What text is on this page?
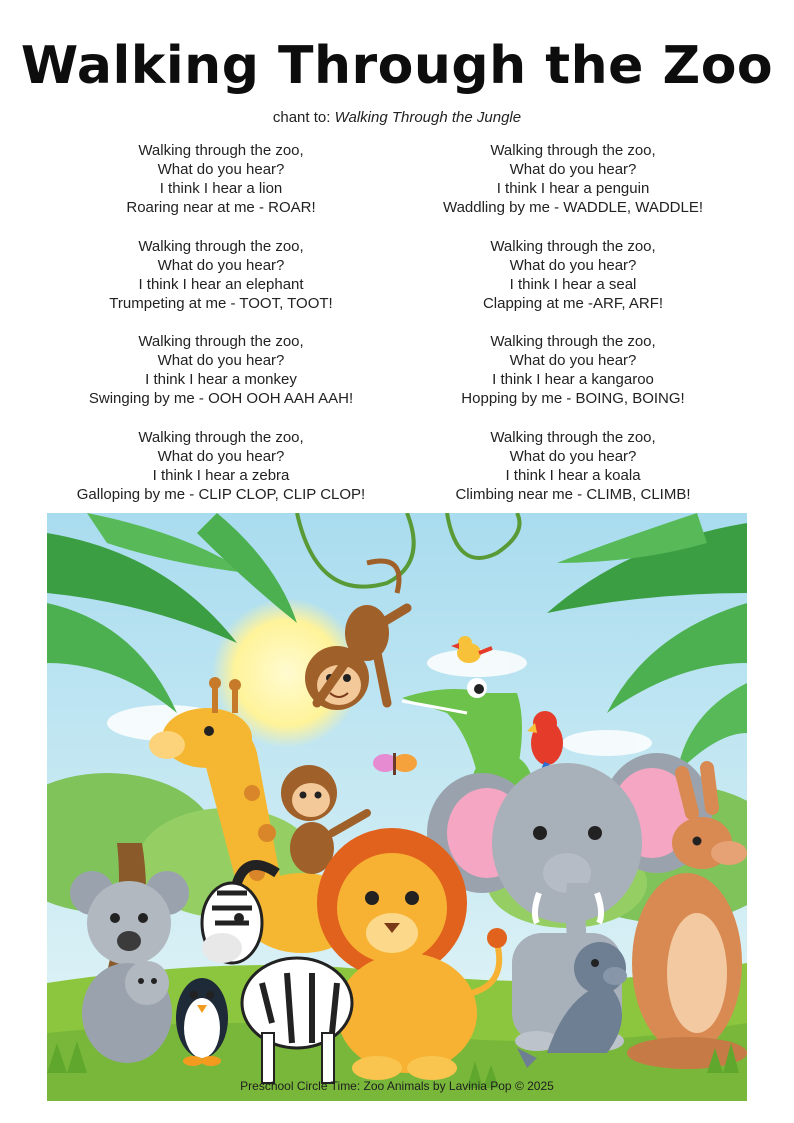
Walking Through the Zoo
chant to: Walking Through the Jungle
Walking through the zoo,
What do you hear?
I think I hear a lion
Roaring near at me - ROAR!
Walking through the zoo,
What do you hear?
I think I hear an elephant
Trumpeting at me - TOOT, TOOT!
Walking through the zoo,
What do you hear?
I think I hear a monkey
Swinging by me - OOH OOH AAH AAH!
Walking through the zoo,
What do you hear?
I think I hear a zebra
Galloping by me - CLIP CLOP, CLIP CLOP!
Walking through the zoo,
What do you hear?
I think I hear a penguin
Waddling by me - WADDLE, WADDLE!
Walking through the zoo,
What do you hear?
I think I hear a seal
Clapping at me -ARF, ARF!
Walking through the zoo,
What do you hear?
I think I hear a kangaroo
Hopping by me - BOING, BOING!
Walking through the zoo,
What do you hear?
I think I hear a koala
Climbing near me - CLIMB, CLIMB!
Preschool Circle Time: Zoo Animals by Lavinia Pop © 2025
